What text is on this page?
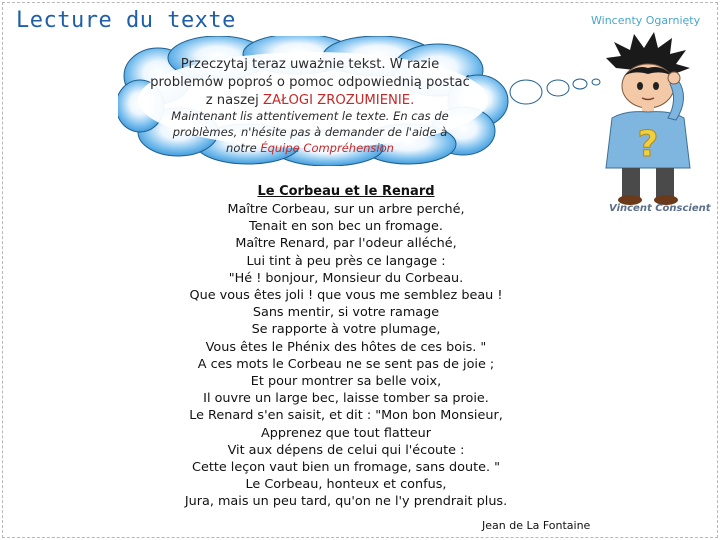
Lecture du texte	Wincenty Ogarnięty
Przeczytaj teraz uważnie tekst. W razie problemów poproś o pomoc odpowiednią postać z naszej ZAŁOGI ZROZUMIENIE.
Maintenant lis attentivement le texte. En cas de problèmes, n'hésite pas à demander de l'aide à notre Équipe Compréhension	?
Vincent Conscient
Le Corbeau et le Renard
Maître Corbeau, sur un arbre perché,
Tenait en son bec un fromage.
Maître Renard, par l'odeur alléché,
Lui tint à peu près ce langage :
"Hé ! bonjour, Monsieur du Corbeau.
Que vous êtes joli ! que vous me semblez beau !
Sans mentir, si votre ramage
Se rapporte à votre plumage,
Vous êtes le Phénix des hôtes de ces bois. "
A ces mots le Corbeau ne se sent pas de joie ;
Et pour montrer sa belle voix,
Il ouvre un large bec, laisse tomber sa proie.
Le Renard s'en saisit, et dit : "Mon bon Monsieur,
Apprenez que tout flatteur
Vit aux dépens de celui qui l'écoute :
Cette leçon vaut bien un fromage, sans doute. "
Le Corbeau, honteux et confus,
Jura, mais un peu tard, qu'on ne l'y prendrait plus.
Jean de La Fontaine
